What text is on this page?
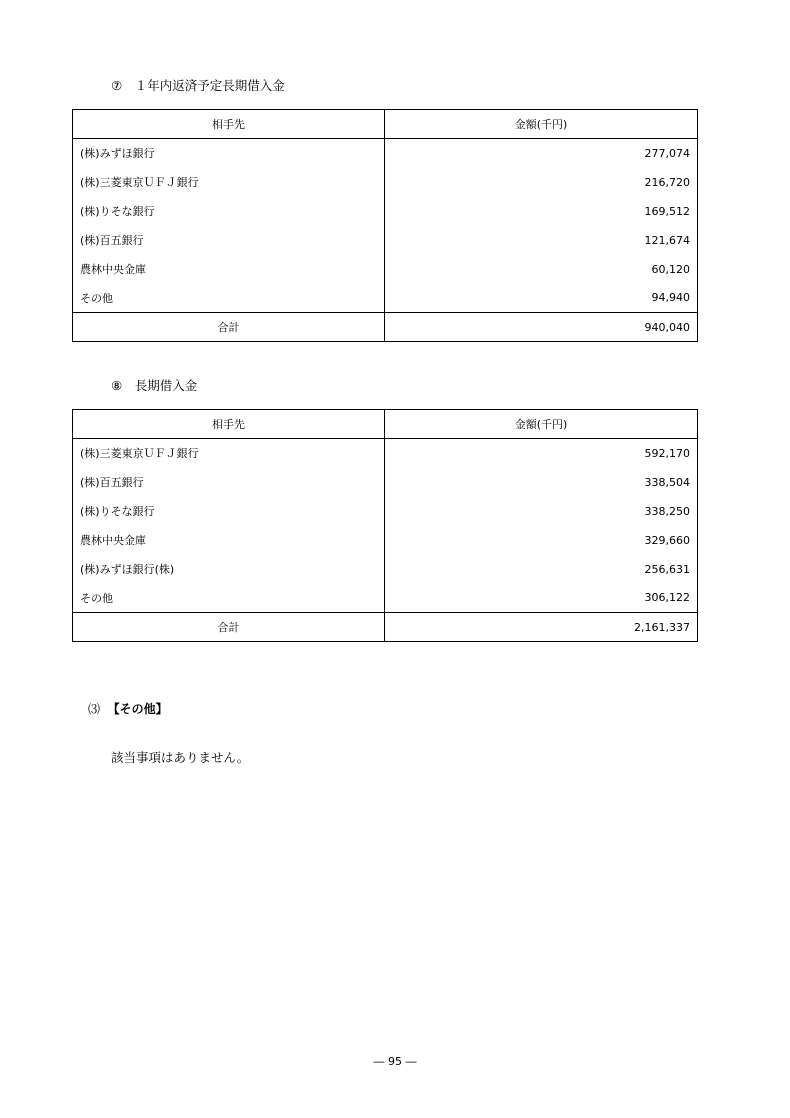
⑦　１年内返済予定長期借入金
相手先	金額(千円)
(株)みずほ銀行	277,074
(株)三菱東京ＵＦＪ銀行	216,720
(株)りそな銀行	169,512
(株)百五銀行	121,674
農林中央金庫	60,120
その他	94,940
合計	940,040
⑧　長期借入金
相手先	金額(千円)
(株)三菱東京ＵＦＪ銀行	592,170
(株)百五銀行	338,504
(株)りそな銀行	338,250
農林中央金庫	329,660
(株)みずほ銀行(株)	256,631
その他	306,122
合計	2,161,337
⑶ 【その他】
該当事項はありません。
― 95 ―
